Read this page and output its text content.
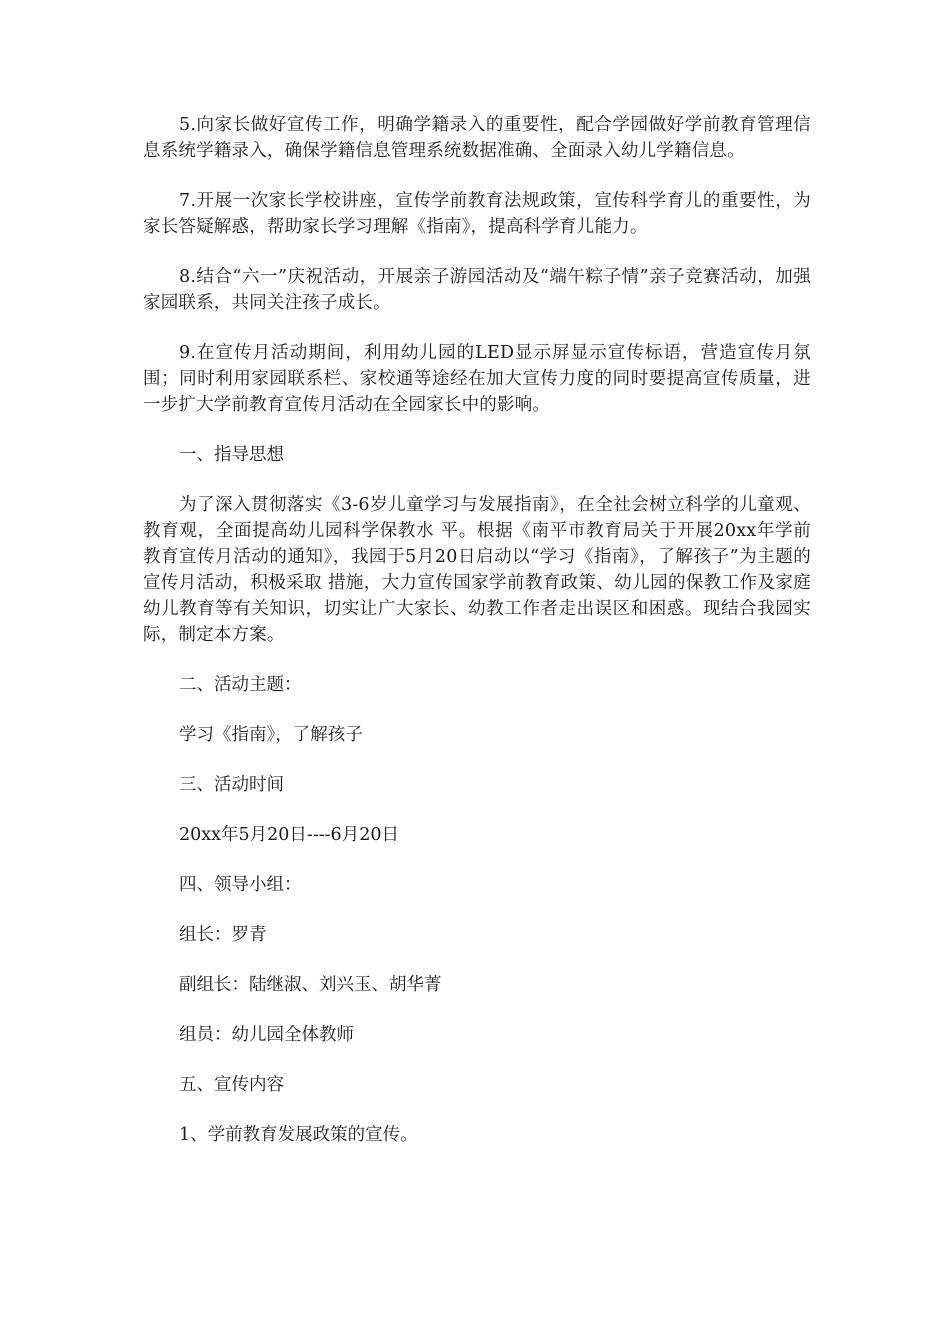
5.向家长做好宣传工作，明确学籍录入的重要性，配合学园做好学前教育管理信息系统学籍录入，确保学籍信息管理系统数据准确、全面录入幼儿学籍信息。

7.开展一次家长学校讲座，宣传学前教育法规政策，宣传科学育儿的重要性，为家长答疑解惑，帮助家长学习理解《指南》，提高科学育儿能力。

8.结合“六一”庆祝活动，开展亲子游园活动及“端午粽子情”亲子竞赛活动，加强家园联系，共同关注孩子成长。

9.在宣传月活动期间，利用幼儿园的LED显示屏显示宣传标语，营造宣传月氛围；同时利用家园联系栏、家校通等途经在加大宣传力度的同时要提高宣传质量，进一步扩大学前教育宣传月活动在全园家长中的影响。

一、指导思想

为了深入贯彻落实《3-6岁儿童学习与发展指南》，在全社会树立科学的儿童观、教育观，全面提高幼儿园科学保教水 平。根据《南平市教育局关于开展20xx年学前教育宣传月活动的通知》，我园于5月20日启动以“学习《指南》，了解孩子”为主题的宣传月活动，积极采取 措施，大力宣传国家学前教育政策、幼儿园的保教工作及家庭幼儿教育等有关知识，切实让广大家长、幼教工作者走出误区和困惑。现结合我园实际，制定本方案。

二、活动主题：

学习《指南》，了解孩子

三、活动时间

20xx年5月20日----6月20日

四、领导小组：

组长：罗青

副组长：陆继淑、刘兴玉、胡华菁

组员：幼儿园全体教师

五、宣传内容

1、学前教育发展政策的宣传。
